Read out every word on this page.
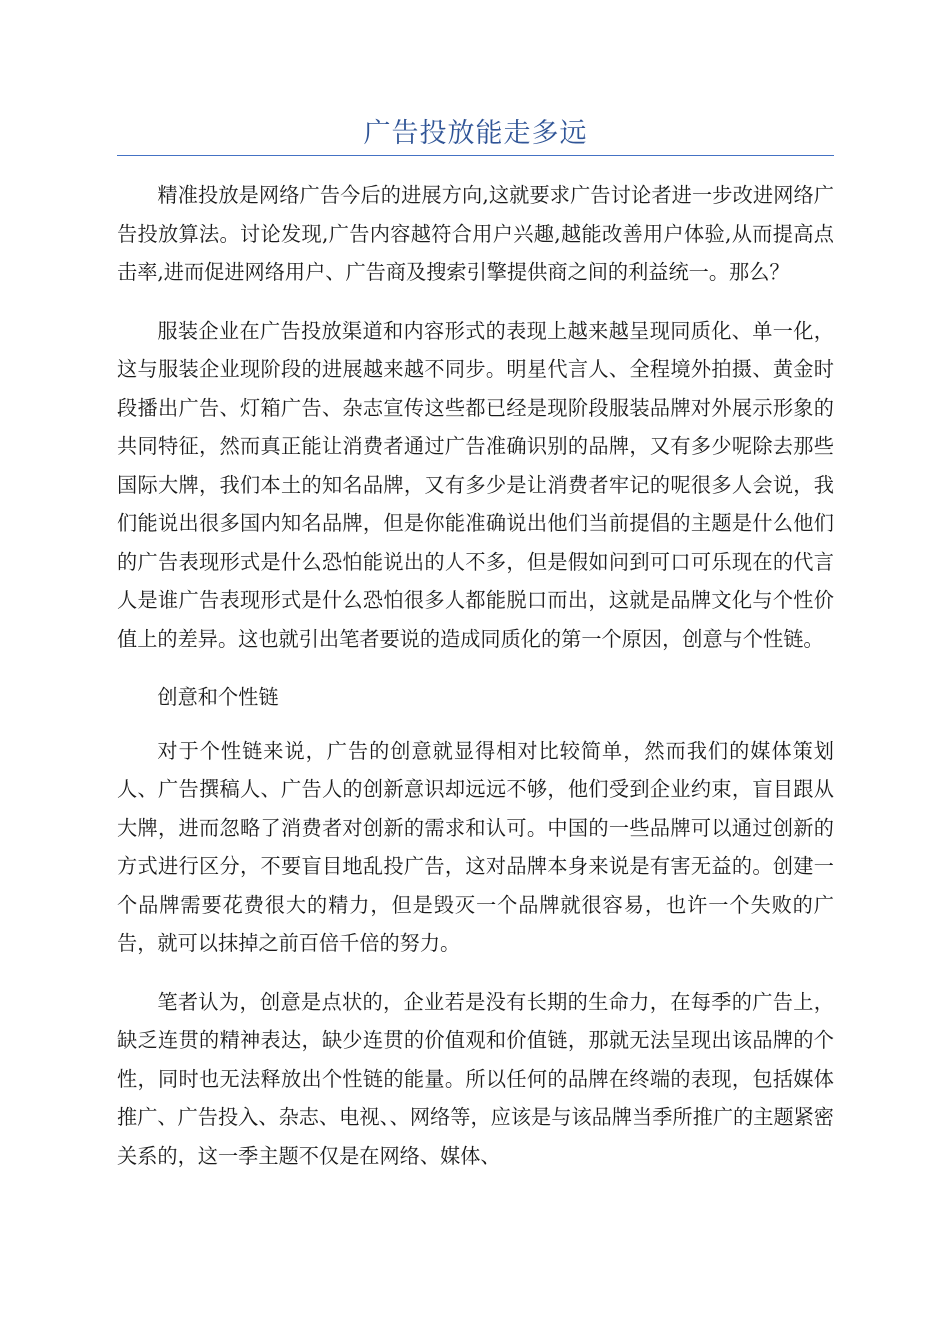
广告投放能走多远

精准投放是网络广告今后的进展方向,这就要求广告讨论者进一步改进网络广告投放算法。讨论发现,广告内容越符合用户兴趣,越能改善用户体验,从而提高点击率,进而促进网络用户、广告商及搜索引擎提供商之间的利益统一。那么？

服装企业在广告投放渠道和内容形式的表现上越来越呈现同质化、单一化，这与服装企业现阶段的进展越来越不同步。明星代言人、全程境外拍摄、黄金时段播出广告、灯箱广告、杂志宣传这些都已经是现阶段服装品牌对外展示形象的共同特征，然而真正能让消费者通过广告准确识别的品牌，又有多少呢除去那些国际大牌，我们本土的知名品牌，又有多少是让消费者牢记的呢很多人会说，我们能说出很多国内知名品牌，但是你能准确说出他们当前提倡的主题是什么他们的广告表现形式是什么恐怕能说出的人不多，但是假如问到可口可乐现在的代言人是谁广告表现形式是什么恐怕很多人都能脱口而出，这就是品牌文化与个性价值上的差异。这也就引出笔者要说的造成同质化的第一个原因，创意与个性链。

创意和个性链

对于个性链来说，广告的创意就显得相对比较简单，然而我们的媒体策划人、广告撰稿人、广告人的创新意识却远远不够，他们受到企业约束，盲目跟从大牌，进而忽略了消费者对创新的需求和认可。中国的一些品牌可以通过创新的方式进行区分，不要盲目地乱投广告，这对品牌本身来说是有害无益的。创建一个品牌需要花费很大的精力，但是毁灭一个品牌就很容易，也许一个失败的广告，就可以抹掉之前百倍千倍的努力。

笔者认为，创意是点状的，企业若是没有长期的生命力，在每季的广告上，缺乏连贯的精神表达，缺少连贯的价值观和价值链，那就无法呈现出该品牌的个性，同时也无法释放出个性链的能量。所以任何的品牌在终端的表现，包括媒体推广、广告投入、杂志、电视、、网络等，应该是与该品牌当季所推广的主题紧密关系的，这一季主题不仅是在网络、媒体、
